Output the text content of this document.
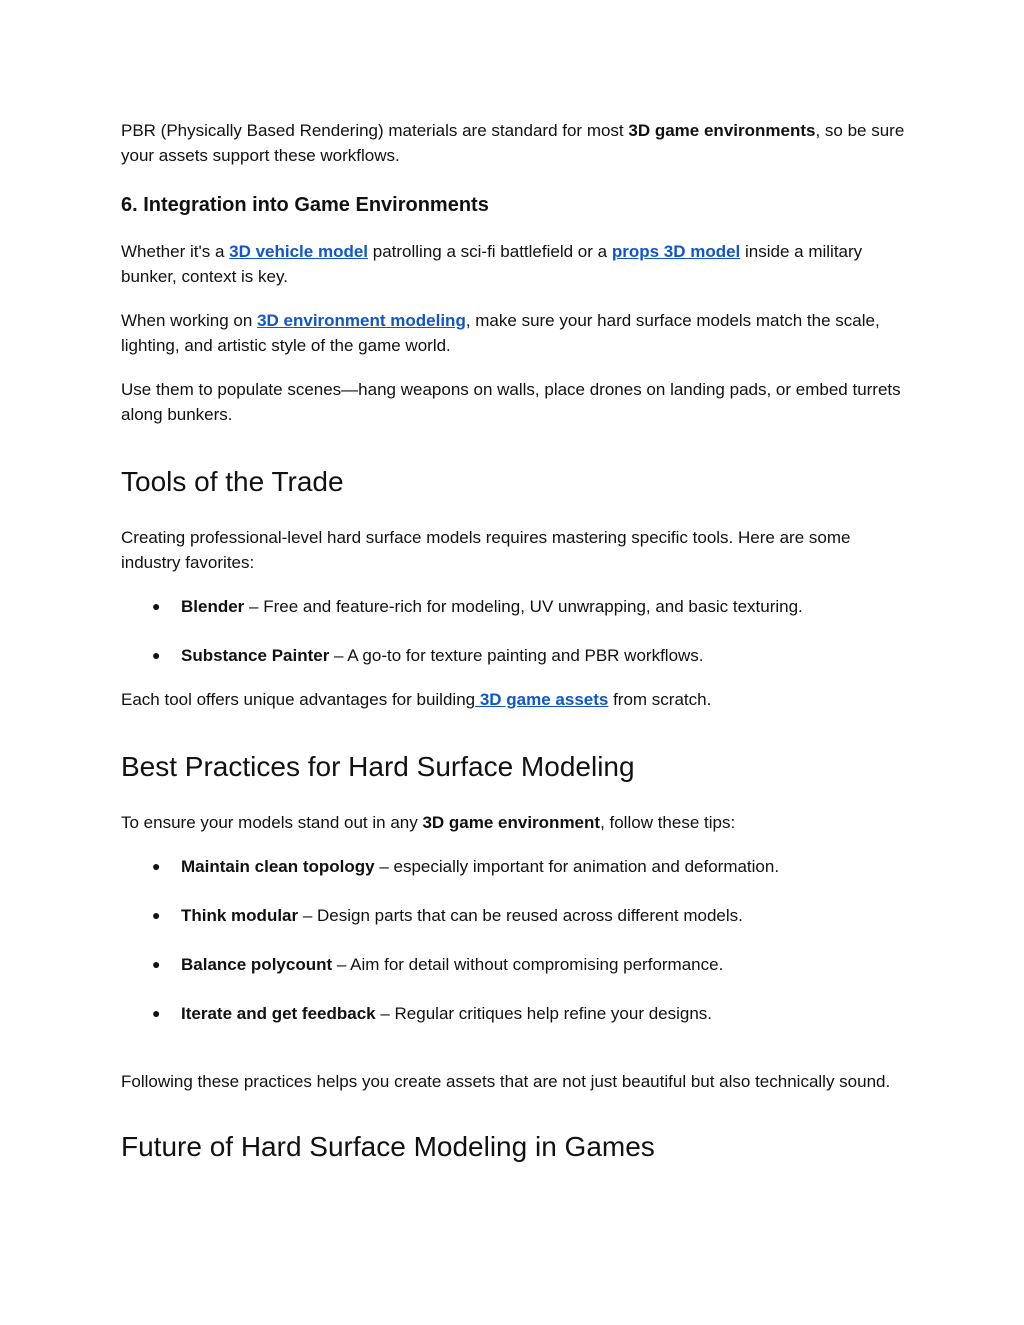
PBR (Physically Based Rendering) materials are standard for most 3D game environments, so be sure your assets support these workflows.

6. Integration into Game Environments

Whether it's a 3D vehicle model patrolling a sci-fi battlefield or a props 3D model inside a military bunker, context is key.

When working on 3D environment modeling, make sure your hard surface models match the scale, lighting, and artistic style of the game world.

Use them to populate scenes—hang weapons on walls, place drones on landing pads, or embed turrets along bunkers.

Tools of the Trade

Creating professional-level hard surface models requires mastering specific tools. Here are some industry favorites:

● Blender – Free and feature-rich for modeling, UV unwrapping, and basic texturing.
● Substance Painter – A go-to for texture painting and PBR workflows.

Each tool offers unique advantages for building 3D game assets from scratch.

Best Practices for Hard Surface Modeling

To ensure your models stand out in any 3D game environment, follow these tips:

● Maintain clean topology – especially important for animation and deformation.
● Think modular – Design parts that can be reused across different models.
● Balance polycount – Aim for detail without compromising performance.
● Iterate and get feedback – Regular critiques help refine your designs.

Following these practices helps you create assets that are not just beautiful but also technically sound.

Future of Hard Surface Modeling in Games
